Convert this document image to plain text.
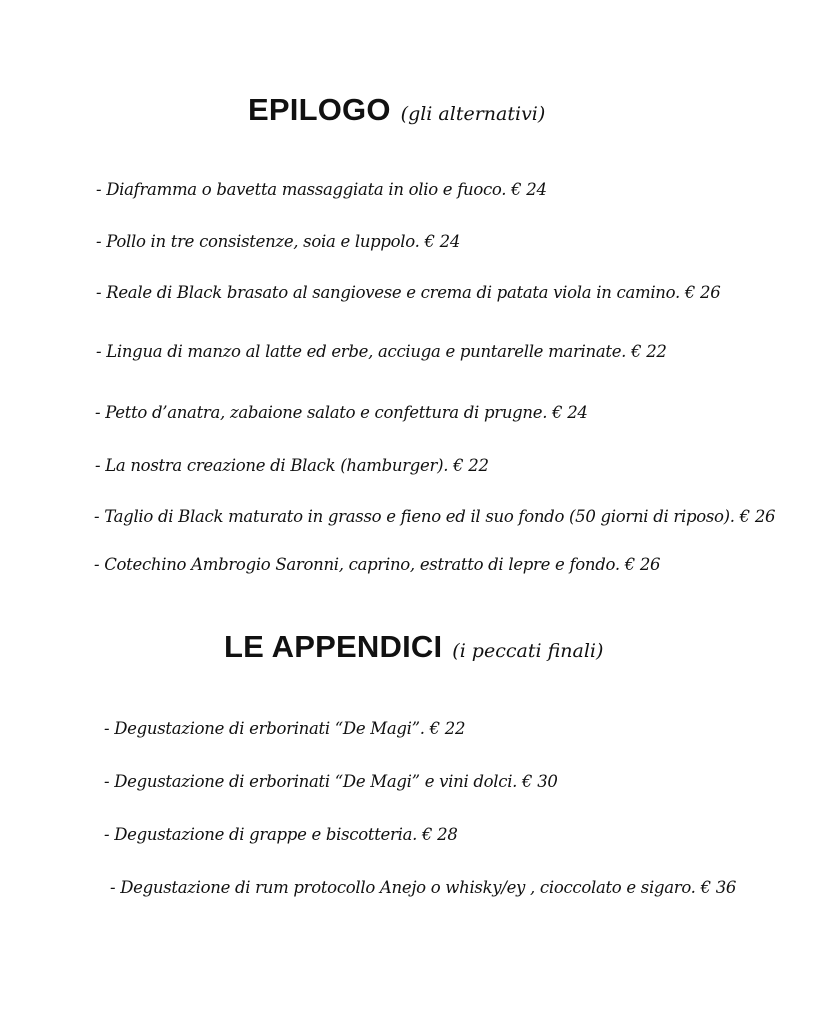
EPILOGO (gli alternativi)
- Diaframma o bavetta massaggiata in olio e fuoco. € 24
- Pollo in tre consistenze, soia e luppolo. € 24
- Reale di Black brasato al sangiovese e crema di patata viola in camino. € 26
- Lingua di manzo al latte ed erbe, acciuga e puntarelle marinate. € 22
- Petto d’anatra, zabaione salato e confettura di prugne. € 24
- La nostra creazione di Black (hamburger). € 22
- Taglio di Black maturato in grasso e fieno ed il suo fondo (50 giorni di riposo). € 26
- Cotechino Ambrogio Saronni, caprino, estratto di lepre e fondo. € 26
LE APPENDICI (i peccati finali)
- Degustazione di erborinati “De Magi”. € 22
- Degustazione di erborinati “De Magi” e vini dolci. € 30
- Degustazione di grappe e biscotteria. € 28
- Degustazione di rum protocollo Anejo o whisky/ey , cioccolato e sigaro. € 36
